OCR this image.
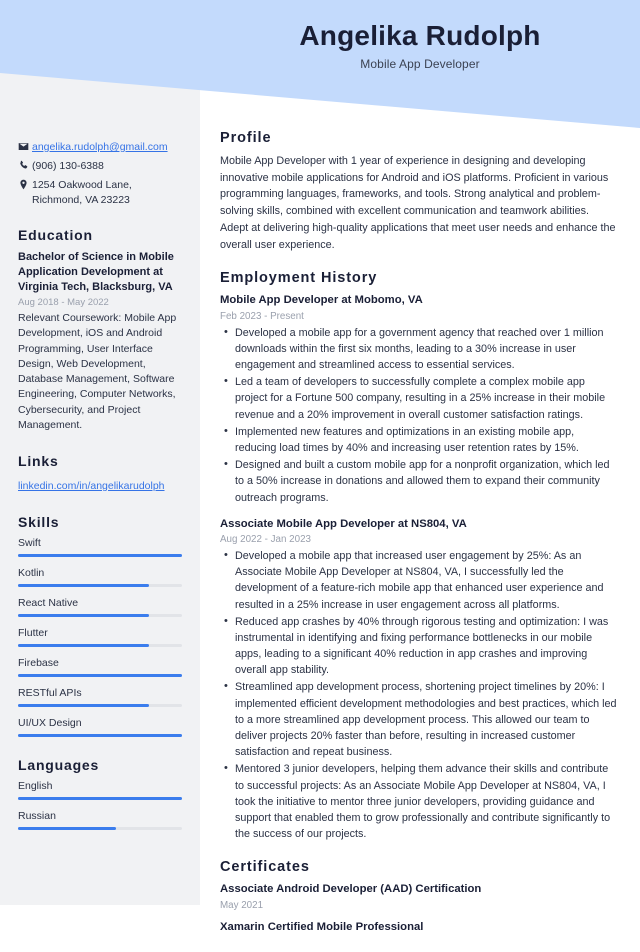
Angelika Rudolph
Mobile App Developer
angelika.rudolph@gmail.com
(906) 130-6388
1254 Oakwood Lane, Richmond, VA 23223
Education
Bachelor of Science in Mobile Application Development at Virginia Tech, Blacksburg, VA
Aug 2018 - May 2022
Relevant Coursework: Mobile App Development, iOS and Android Programming, User Interface Design, Web Development, Database Management, Software Engineering, Computer Networks, Cybersecurity, and Project Management.
Links
linkedin.com/in/angelikarudolph
Skills
Swift
Kotlin
React Native
Flutter
Firebase
RESTful APIs
UI/UX Design
Languages
English
Russian
Profile
Mobile App Developer with 1 year of experience in designing and developing innovative mobile applications for Android and iOS platforms. Proficient in various programming languages, frameworks, and tools. Strong analytical and problem-solving skills, combined with excellent communication and teamwork abilities. Adept at delivering high-quality applications that meet user needs and enhance the overall user experience.
Employment History
Mobile App Developer at Mobomo, VA
Feb 2023 - Present
• Developed a mobile app for a government agency that reached over 1 million downloads within the first six months, leading to a 30% increase in user engagement and streamlined access to essential services.
• Led a team of developers to successfully complete a complex mobile app project for a Fortune 500 company, resulting in a 25% increase in their mobile revenue and a 20% improvement in overall customer satisfaction ratings.
• Implemented new features and optimizations in an existing mobile app, reducing load times by 40% and increasing user retention rates by 15%.
• Designed and built a custom mobile app for a nonprofit organization, which led to a 50% increase in donations and allowed them to expand their community outreach programs.
Associate Mobile App Developer at NS804, VA
Aug 2022 - Jan 2023
• Developed a mobile app that increased user engagement by 25%: As an Associate Mobile App Developer at NS804, VA, I successfully led the development of a feature-rich mobile app that enhanced user experience and resulted in a 25% increase in user engagement across all platforms.
• Reduced app crashes by 40% through rigorous testing and optimization: I was instrumental in identifying and fixing performance bottlenecks in our mobile apps, leading to a significant 40% reduction in app crashes and improving overall app stability.
• Streamlined app development process, shortening project timelines by 20%: I implemented efficient development methodologies and best practices, which led to a more streamlined app development process. This allowed our team to deliver projects 20% faster than before, resulting in increased customer satisfaction and repeat business.
• Mentored 3 junior developers, helping them advance their skills and contribute to successful projects: As an Associate Mobile App Developer at NS804, VA, I took the initiative to mentor three junior developers, providing guidance and support that enabled them to grow professionally and contribute significantly to the success of our projects.
Certificates
Associate Android Developer (AAD) Certification
May 2021
Xamarin Certified Mobile Professional
